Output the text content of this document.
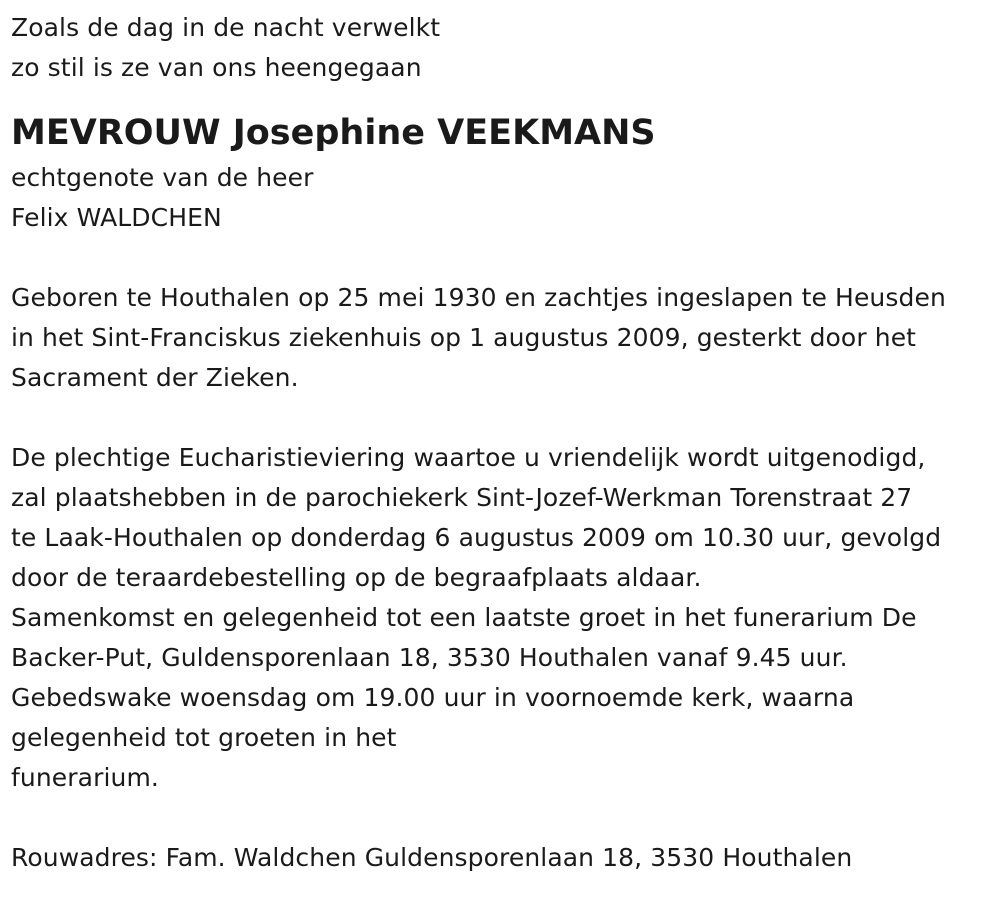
Zoals de dag in de nacht verwelkt
zo stil is ze van ons heengegaan
MEVROUW Josephine VEEKMANS
echtgenote van de heer
Felix WALDCHEN
Geboren te Houthalen op 25 mei 1930 en zachtjes ingeslapen te Heusden
in het Sint-Franciskus ziekenhuis op 1 augustus 2009, gesterkt door het
Sacrament der Zieken.
De plechtige Eucharistieviering waartoe u vriendelijk wordt uitgenodigd,
zal plaatshebben in de parochiekerk Sint-Jozef-Werkman Torenstraat 27
te Laak-Houthalen op donderdag 6 augustus 2009 om 10.30 uur, gevolgd
door de teraardebestelling op de begraafplaats aldaar.
Samenkomst en gelegenheid tot een laatste groet in het funerarium De
Backer-Put, Guldensporenlaan 18, 3530 Houthalen vanaf 9.45 uur.
Gebedswake woensdag om 19.00 uur in voornoemde kerk, waarna
gelegenheid tot groeten in het
funerarium.
Rouwadres: Fam. Waldchen Guldensporenlaan 18, 3530 Houthalen
